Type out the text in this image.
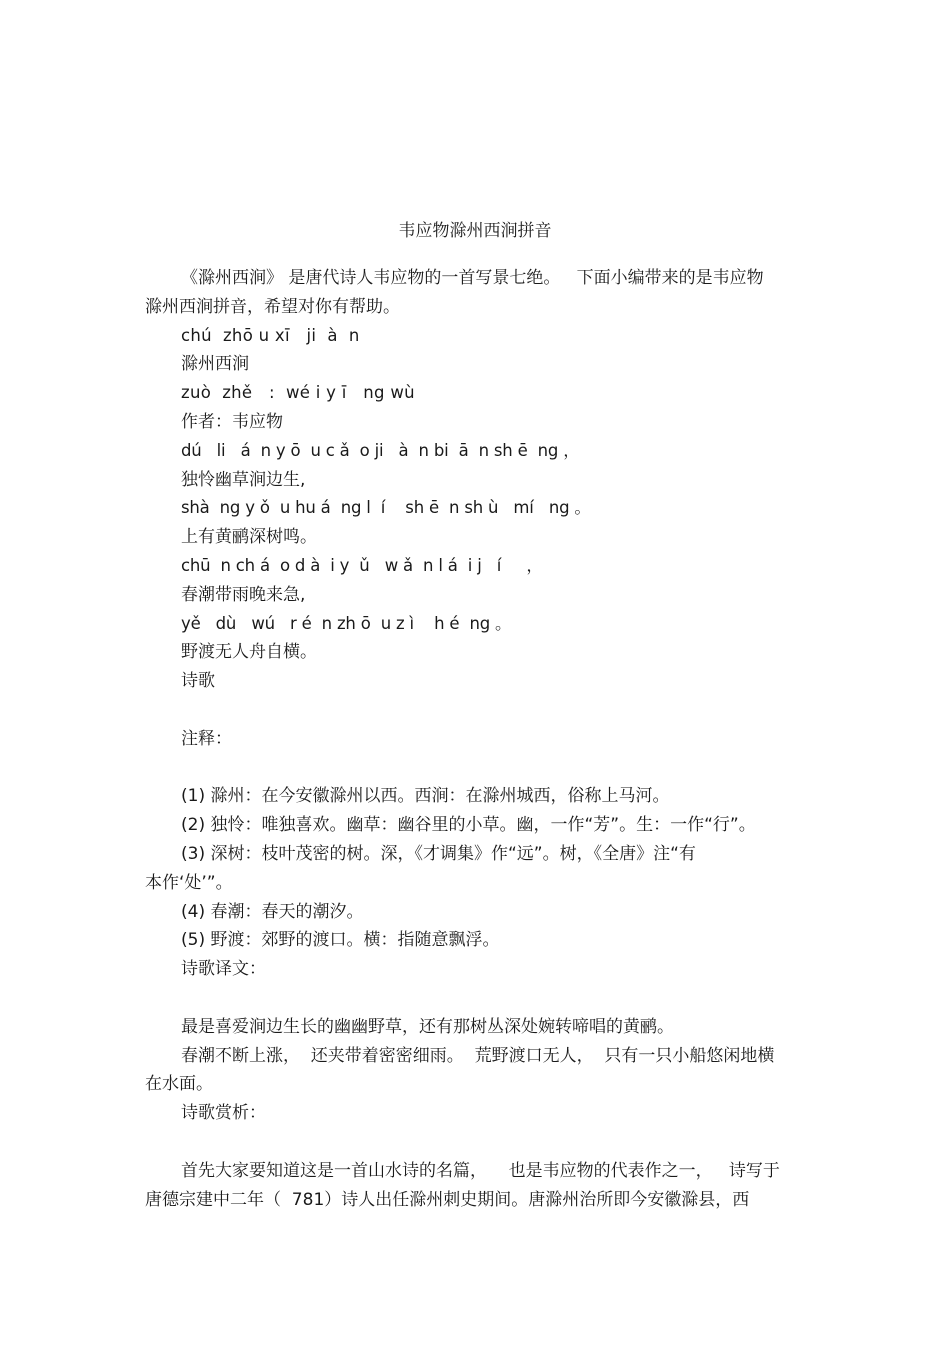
韦应物滁州西涧拼音

《滁州西涧》 是唐代诗人韦应物的一首写景七绝。   下面小编带来的是韦应物

滁州西涧拼音，希望对你有帮助。

chú  zhō u xī   ji  à  n

滁州西涧

zuò  zhě   :  wé i y ī   ng wù

作者：韦应物

dú   li   á  n y ō  u c ǎ  o ji   à  n bi  ā  n sh ē  ng ，

独怜幽草涧边生,

shà  ng y ǒ  u hu á  ng l  í    sh ē  n sh ù   mí   ng 。

上有黄鹂深树鸣。

chū  n ch á  o d à  i y  ǔ   w ǎ  n l á  i j   í     ，

春潮带雨晚来急,

yě   dù   wú   r é  n zh ō  u z ì    h é  ng 。

野渡无人舟自横。

诗歌

注释：

(1) 滁州：在今安徽滁州以西。西涧：在滁州城西，俗称上马河。

(2) 独怜：唯独喜欢。幽草：幽谷里的小草。幽，一作“芳”。生：一作“行”。

(3) 深树：枝叶茂密的树。深，《才调集》作“远”。树，《全唐》注“有

本作‘处’”。

(4) 春潮：春天的潮汐。

(5) 野渡：郊野的渡口。横：指随意飘浮。

诗歌译文：

最是喜爱涧边生长的幽幽野草，还有那树丛深处婉转啼唱的黄鹂。

春潮不断上涨，  还夹带着密密细雨。  荒野渡口无人，  只有一只小船悠闲地横

在水面。

诗歌赏析：

首先大家要知道这是一首山水诗的名篇，    也是韦应物的代表作之一，   诗写于

唐德宗建中二年（  781）诗人出任滁州刺史期间。唐滁州治所即今安徽滁县，西
